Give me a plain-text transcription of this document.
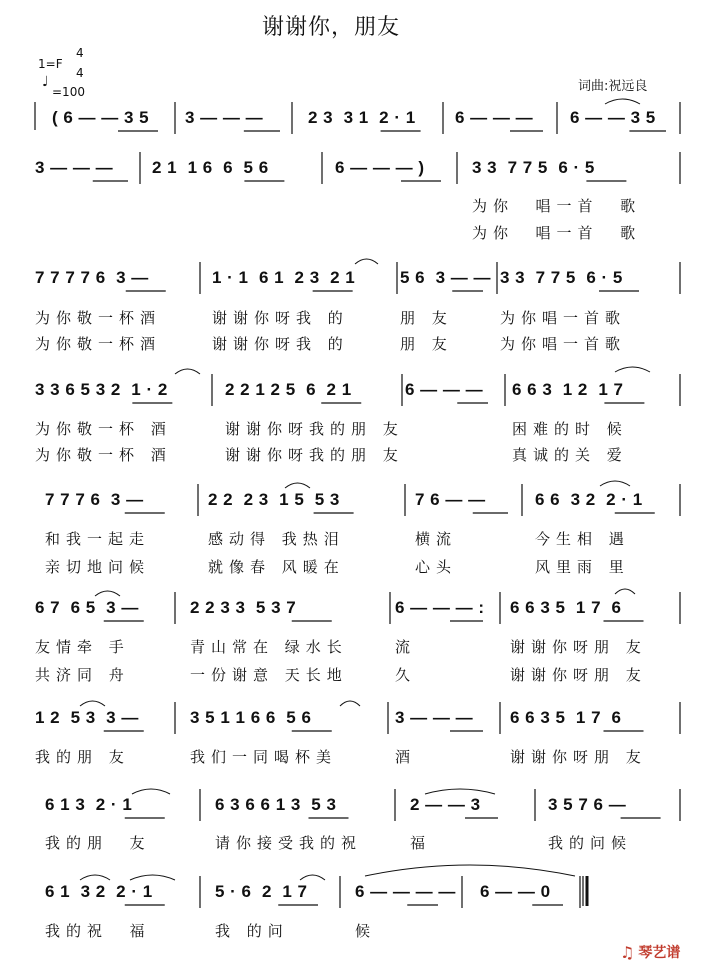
谢谢你，朋友
1=F
4
4
♩
=100	词曲:祝远良
( 6 — — 3 5 3 — — —	2 3  3 1  2 · 1 6 — — — 6 — — 3 5
3 — — — 2 1  1 6  6  5 6	6 — — — )	3 3  7 7 5  6 · 5
为你  唱一首  歌
为你  唱一首  歌
7 7 7 7 6  3 —	1 · 1  6 1  2 3  2 1	5 6  3 — — 3 3  7 7 5  6 · 5
为你敬一杯酒	谢谢你呀我 的	朋 友	为你唱一首歌
为你敬一杯酒	谢谢你呀我 的	朋 友	为你唱一首歌
3 3 6 5 3 2  1 · 2	2 2 1 2 5  6  2 1	6 — — — 6 6 3  1 2  1 7
为你敬一杯 酒	谢谢你呀我的朋 友	困难的时 候
为你敬一杯 酒	谢谢你呀我的朋 友	真诚的关 爱
7 7 7 6  3 —	2 2  2 3  1 5  5 3	7 6 — —	6 6  3 2  2 · 1
和我一起走	感动得 我热泪	横流	今生相 遇
亲切地问候	就像春 风暖在	心头	风里雨 里
6 7  6 5  3 —	2 2 3 3  5 3 7	6 — — — : 6 6 3 5  1 7  6
友情牵 手	青山常在 绿水长	流	谢谢你呀朋 友
共济同 舟	一份谢意 天长地	久	谢谢你呀朋 友
1 2  5 3  3 —	3 5 1 1 6 6  5 6	3 — — — 6 6 3 5  1 7  6
我的朋 友	我们一同喝杯美	酒	谢谢你呀朋 友
6 1 3  2 · 1	6 3 6 6 1 3  5 3	2 — — 3	3 5 7 6 —
我的朋  友	请你接受我的祝	福	我的问候
6 1  3 2  2 · 1	5 · 6  2  1 7	6 — — — — 6 — — 0
我的祝  福	我 的问	候
♫ 琴艺谱
